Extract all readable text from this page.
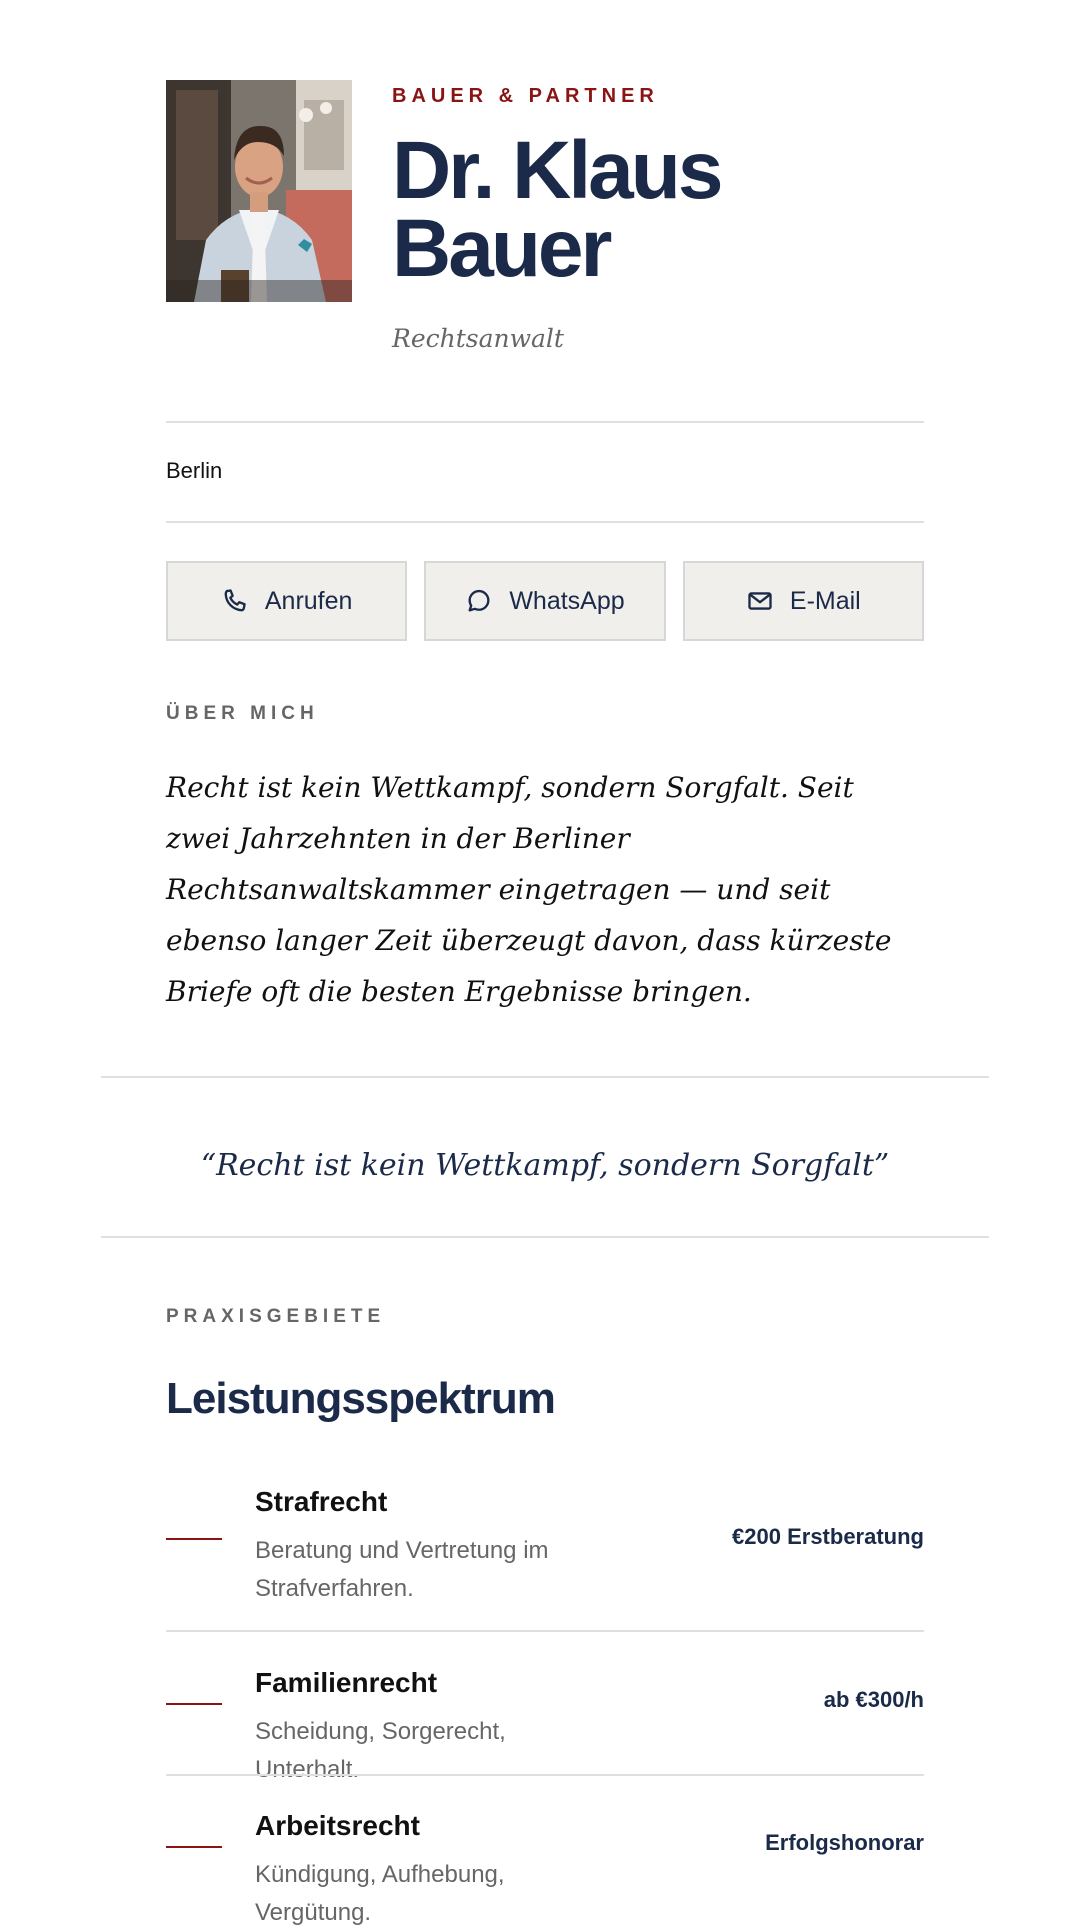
BAUER & PARTNER
Dr. Klaus
Bauer
Rechtsanwalt
Berlin
Anrufen	WhatsApp	E-Mail
ÜBER MICH
Recht ist kein Wettkampf, sondern Sorgfalt. Seit zwei Jahrzehnten in der Berliner Rechtsanwaltskammer eingetragen — und seit ebenso langer Zeit überzeugt davon, dass kürzeste Briefe oft die besten Ergebnisse bringen.
“Recht ist kein Wettkampf, sondern Sorgfalt”
PRAXISGEBIETE
Leistungsspektrum
Strafrecht
Beratung und Vertretung im Strafverfahren.
€200 Erstberatung
Familienrecht
Scheidung, Sorgerecht, Unterhalt.
ab €300/h
Arbeitsrecht
Kündigung, Aufhebung, Vergütung.
Erfolgshonorar
